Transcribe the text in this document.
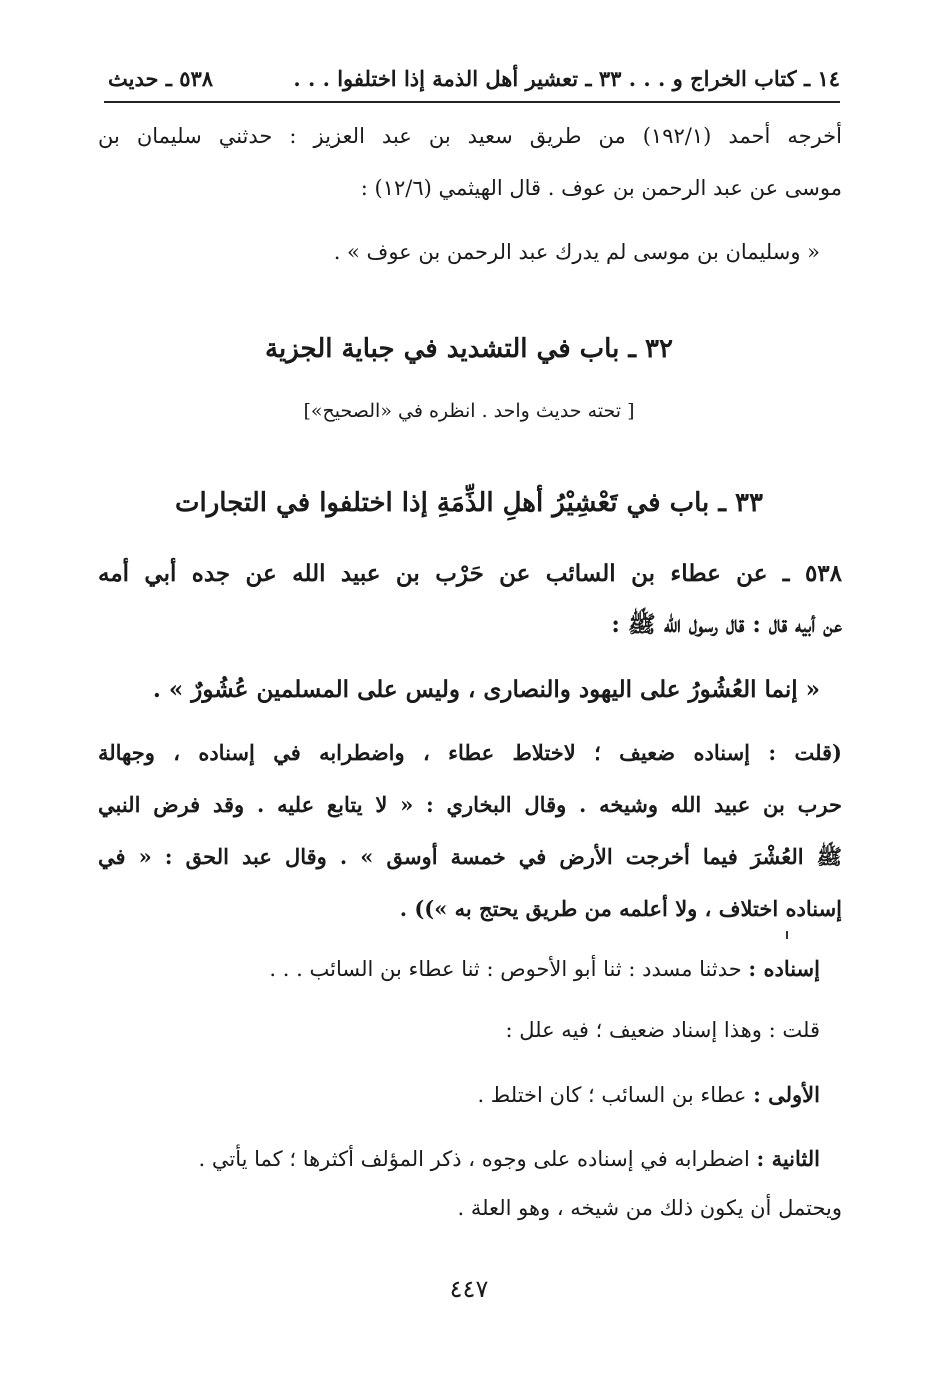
١٤ ـ كتاب الخراج و . . . ٣٣ ـ تعشير أهل الذمة إذا اختلفوا . . .
٥٣٨ ـ حديث
أخرجه أحمد (١٩٢/١) من طريق سعيد بن عبد العزيز : حدثني سليمان بن
موسى عن عبد الرحمن بن عوف . قال الهيثمي (١٢/٦) :
« وسليمان بن موسى لم يدرك عبد الرحمن بن عوف » .
٣٢ ـ باب في التشديد في جباية الجزية
[ تحته حديث واحد . انظره في «الصحيح»]
٣٣ ـ باب في تَعْشِيْرُ أهلِ الذِّمَةِ إذا اختلفوا في التجارات
٥٣٨ ـ عن عطاء بن السائب عن حَرْب بن عبيد الله عن جده أبي أمه
عن أبيه قال : قال رسول الله ﷺ :
« إنما العُشُورُ على اليهود والنصارى ، وليس على المسلمين عُشُورٌ » .
(قلت : إسناده ضعيف ؛ لاختلاط عطاء ، واضطرابه في إسناده ، وجهالة
حرب بن عبيد الله وشيخه . وقال البخاري : « لا يتابع عليه . وقد فرض النبي
ﷺ العُشْرَ فيما أخرجت الأرض في خمسة أوسق » . وقال عبد الحق : « في
إسناده اختلاف ، ولا أعلمه من طريق يحتج به »)) .
إسناده : حدثنا مسدد : ثنا أبو الأحوص : ثنا عطاء بن السائب . . .
قلت : وهذا إسناد ضعيف ؛ فيه علل :
الأولى : عطاء بن السائب ؛ كان اختلط .
الثانية : اضطرابه في إسناده على وجوه ، ذكر المؤلف أكثرها ؛ كما يأتي .
ويحتمل أن يكون ذلك من شيخه ، وهو العلة .
٤٤٧
